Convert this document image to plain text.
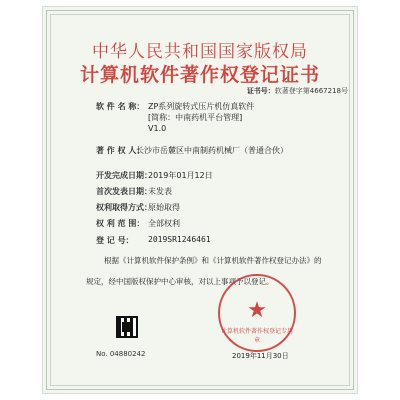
中华人民共和国国家版权局
计算机软件著作权登记证书
证书号：软著登字第4667218号
软 件 名 称： ZP系列旋转式压片机仿真软件
[简称：中南药机平台管理]
V1.0
著 作 权 人：
长沙市岳麓区中南制药机械厂（普通合伙）
开发完成日期：
2019年01月12日
首次发表日期：
未发表
权利取得方式：
原始取得
权 利 范 围： 全部权利
登 记 号： 2019SR1246461
根据《计算机软件保护条例》和《计算机软件著作权登记办法》的
规定，经中国版权保护中心审核，对以上事项予以登记。
No. 04880242
★
计算机软件著作权登记专用章
2019年11月30日
